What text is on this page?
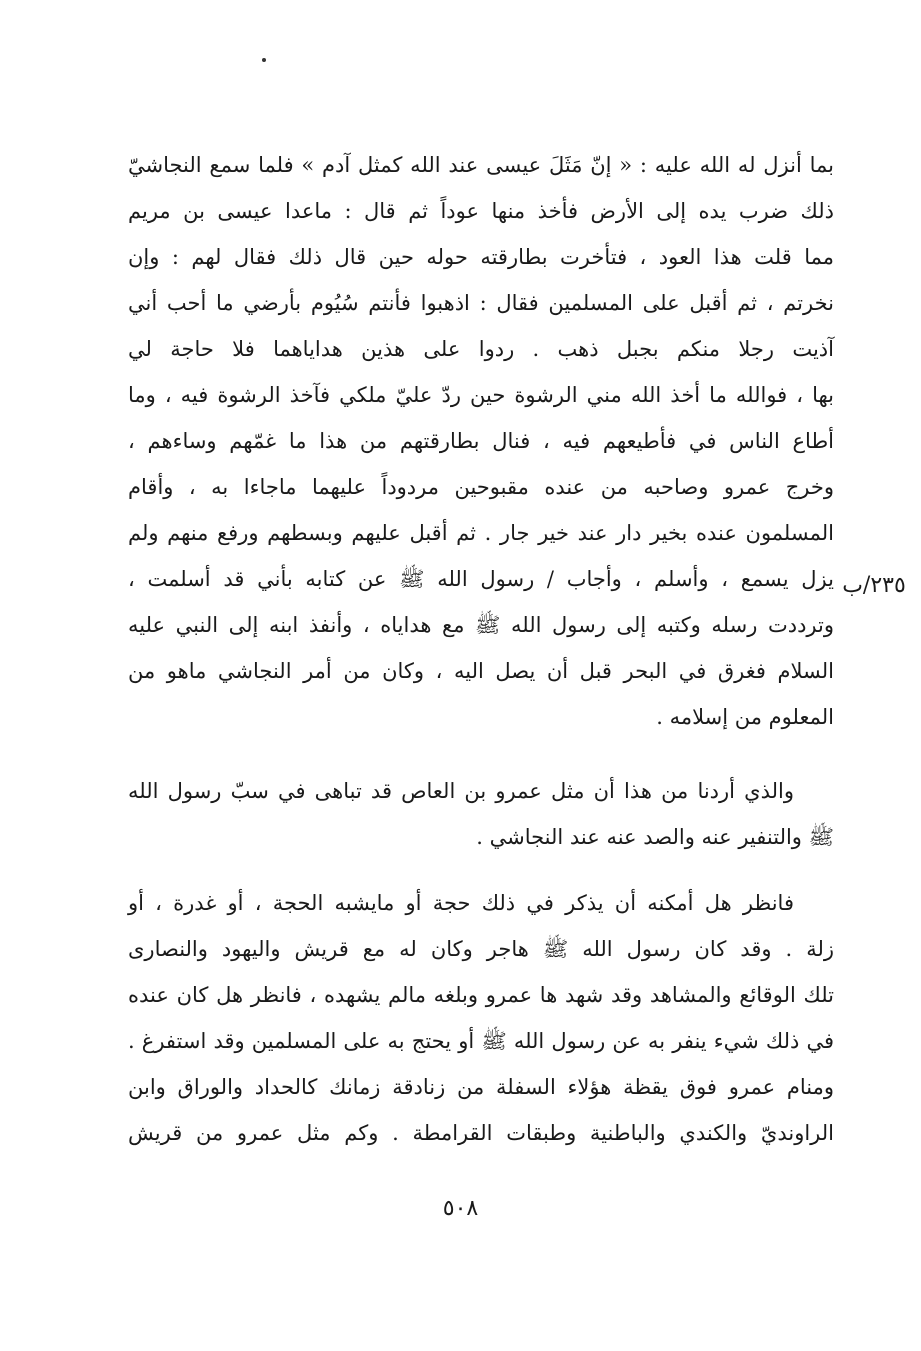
بما أنزل له الله عليه : « إنّ مَثَلَ عيسى عند الله كمثل آدم » فلما سمع النجاشيّ
ذلك ضرب يده إلى الأرض فأخذ منها عوداً ثم قال : ماعدا عيسى بن مريم
مما قلت هذا العود ، فتأخرت بطارقته حوله حين قال ذلك فقال لهم : وإن
نخرتم ، ثم أقبل على المسلمين فقال : اذهبوا فأنتم سُيُوم بأرضي ما أحب أني
آذيت رجلا منكم بجبل ذهب . ردوا على هذين هداياهما فلا حاجة لي
بها ، فوالله ما أخذ الله مني الرشوة حين ردّ عليّ ملكي فآخذ الرشوة فيه ، وما
أطاع الناس في فأطيعهم فيه ، فنال بطارقتهم من هذا ما غمّهم وساءهم ،
وخرج عمرو وصاحبه من عنده مقبوحين مردوداً عليهما ماجاءا به ، وأقام
المسلمون عنده بخير دار عند خير جار . ثم أقبل عليهم وبسطهم ورفع منهم ولم
يزل يسمع ، وأسلم ، وأجاب / رسول الله ﷺ عن كتابه بأني قد أسلمت ،
وترددت رسله وكتبه إلى رسول الله ﷺ مع هداياه ، وأنفذ ابنه إلى النبي عليه
السلام فغرق في البحر قبل أن يصل اليه ، وكان من أمر النجاشي ماهو من
المعلوم من إسلامه .
٢٣٥/ب
والذي أردنا من هذا أن مثل عمرو بن العاص قد تباهى في سبّ رسول الله
ﷺ والتنفير عنه والصد عنه عند النجاشي .
فانظر هل أمكنه أن يذكر في ذلك حجة أو مايشبه الحجة ، أو غدرة ، أو
زلة . وقد كان رسول الله ﷺ هاجر وكان له مع قريش واليهود والنصارى
تلك الوقائع والمشاهد وقد شهد ها عمرو وبلغه مالم يشهده ، فانظر هل كان عنده
في ذلك شيء ينفر به عن رسول الله ﷺ أو يحتج به على المسلمين وقد استفرغ .
ومنام عمرو فوق يقظة هؤلاء السفلة من زنادقة زمانك كالحداد والوراق وابن
الراونديّ والكندي والباطنية وطبقات القرامطة . وكم مثل عمرو من قريش
٥٠٨
